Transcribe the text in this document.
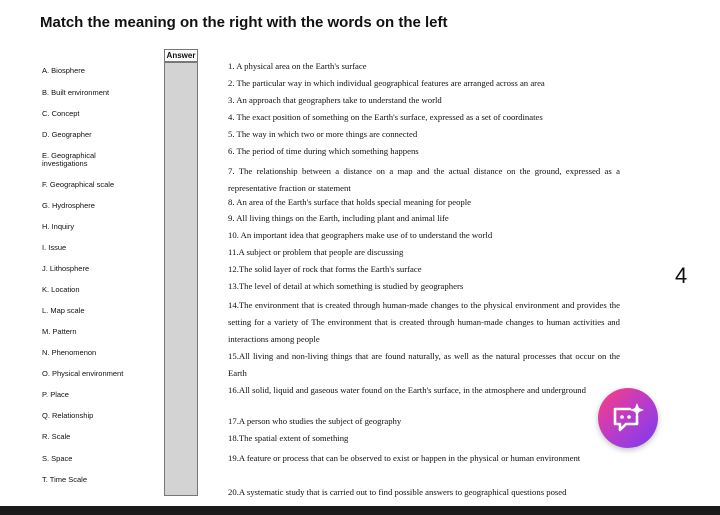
Match the meaning on the right with the words on the left
Answer
A. Biosphere
B. Built environment
C. Concept
D. Geographer
E. Geographical investigations
F. Geographical scale
G. Hydrosphere
H. Inquiry
I. Issue
J. Lithosphere
K. Location
L. Map scale
M. Pattern
N. Phenomenon
O. Physical environment
P. Place
Q. Relationship
R. Scale
S. Space
T. Time Scale
1. A physical area on the Earth's surface
2. The particular way in which individual geographical features are arranged across an area
3. An approach that geographers take to understand the world
4. The exact position of something on the Earth's surface, expressed as a set of coordinates
5. The way in which two or more things are connected
6. The period of time during which something happens
7. The relationship between a distance on a map and the actual distance on the ground, expressed as a representative fraction or statement
8. An area of the Earth's surface that holds special meaning for people
9. All living things on the Earth, including plant and animal life
10. An important idea that geographers make use of to understand the world
11.A subject or problem that people are discussing
12.The solid layer of rock that forms the Earth's surface
13.The level of detail at which something is studied by geographers
14.The environment that is created through human-made changes to the physical environment and provides the setting for a variety of The environment that is created through human-made changes to human activities and interactions among people
15.All living and non-living things that are found naturally, as well as the natural processes that occur on the Earth
16.All solid, liquid and gaseous water found on the Earth's surface, in the atmosphere and underground
17.A person who studies the subject of geography
18.The spatial extent of something
19.A feature or process that can be observed to exist or happen in the physical or human environment
20.A systematic study that is carried out to find possible answers to geographical questions posed
4
